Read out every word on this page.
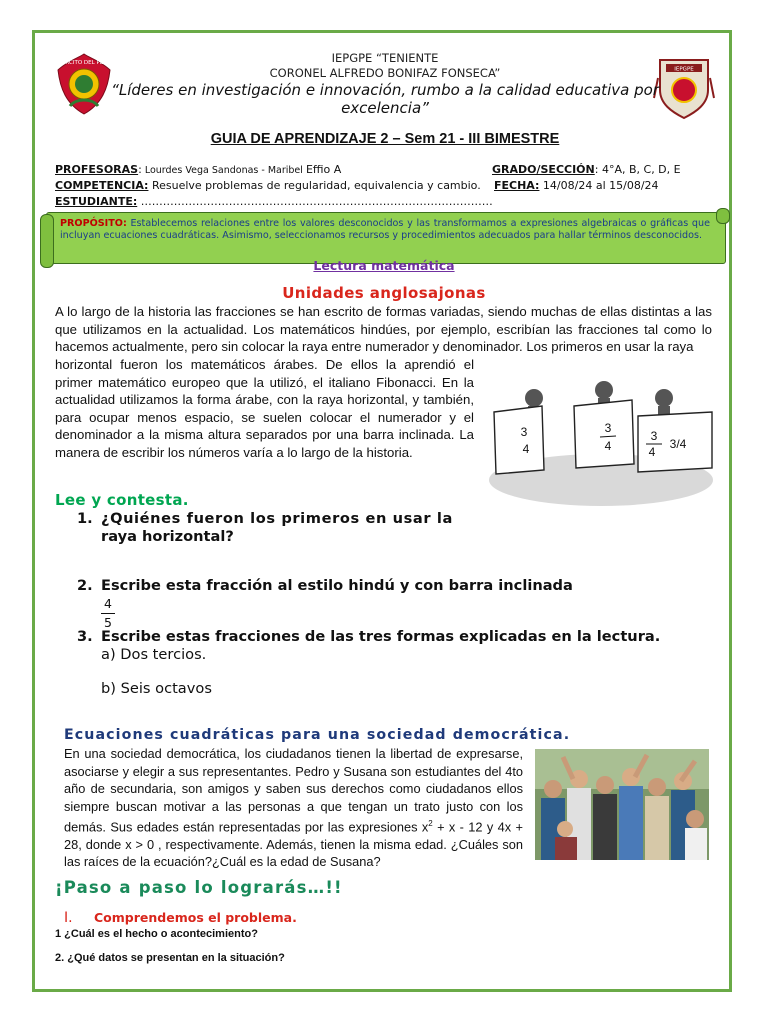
EJÉRCITO DEL PERÚ
IEPGPE
IEPGPE “TENIENTE
CORONEL ALFREDO BONIFAZ FONSECA”
“Líderes en investigación e innovación, rumbo a la calidad educativa por
excelencia”
GUIA DE APRENDIZAJE 2 – Sem 21 - III BIMESTRE
PROFESORAS: Lourdes Vega Sandonas - Maribel Effio A	GRADO/SECCIÓN: 4°A, B, C, D, E
COMPETENCIA: Resuelve problemas de regularidad, equivalencia y cambio. FECHA: 14/08/24 al 15/08/24
ESTUDIANTE: ……………………………………………………………………………………
PROPÓSITO: Establecemos relaciones entre los valores desconocidos y las transformamos a expresiones algebraicas o gráficas que incluyan ecuaciones cuadráticas. Asimismo, seleccionamos recursos y procedimientos adecuados para hallar términos desconocidos.
Lectura matemática
Unidades anglosajonas
A lo largo de la historia las fracciones se han escrito de formas variadas, siendo muchas de ellas distintas a las que utilizamos en la actualidad. Los matemáticos hindúes, por ejemplo, escribían las fracciones tal como lo hacemos actualmente, pero sin colocar la raya entre numerador y denominador. Los primeros en usar la raya
horizontal fueron los matemáticos árabes. De ellos la aprendió el primer matemático europeo que la utilizó, el italiano Fibonacci. En la actualidad utilizamos la forma árabe, con la raya horizontal, y también, para ocupar menos espacio, se suelen colocar el numerador y el denominador a la misma altura separados por una barra inclinada. La manera de escribir los números varía a lo largo de la historia.
3
4
3
4
3
4
3/4
Lee y contesta.
1. ¿Quiénes fueron los primeros en usar la
raya horizontal?
2. Escribe esta fracción al estilo hindú y con barra inclinada
4
5
3. Escribe estas fracciones de las tres formas explicadas en la lectura.
a) Dos tercios.
b) Seis octavos
Ecuaciones cuadráticas para una sociedad democrática.
En una sociedad democrática, los ciudadanos tienen la libertad de expresarse, asociarse y elegir a sus representantes. Pedro y Susana son estudiantes del 4to año de secundaria, son amigos y saben sus derechos como ciudadanos ellos siempre buscan motivar a las personas a que tengan un trato justo con los demás. Sus edades están representadas por las expresiones $x^2 + x - 12$ y 4x + 28, donde x > 0 , respectivamente. Además, tienen la misma edad. ¿Cuáles son las raíces de la ecuación?¿Cuál es la edad de Susana?
¡Paso a paso lo lograrás…!!
I. Comprendemos el problema.
1 ¿Cuál es el hecho o acontecimiento?
2. ¿Qué datos se presentan en la situación?
